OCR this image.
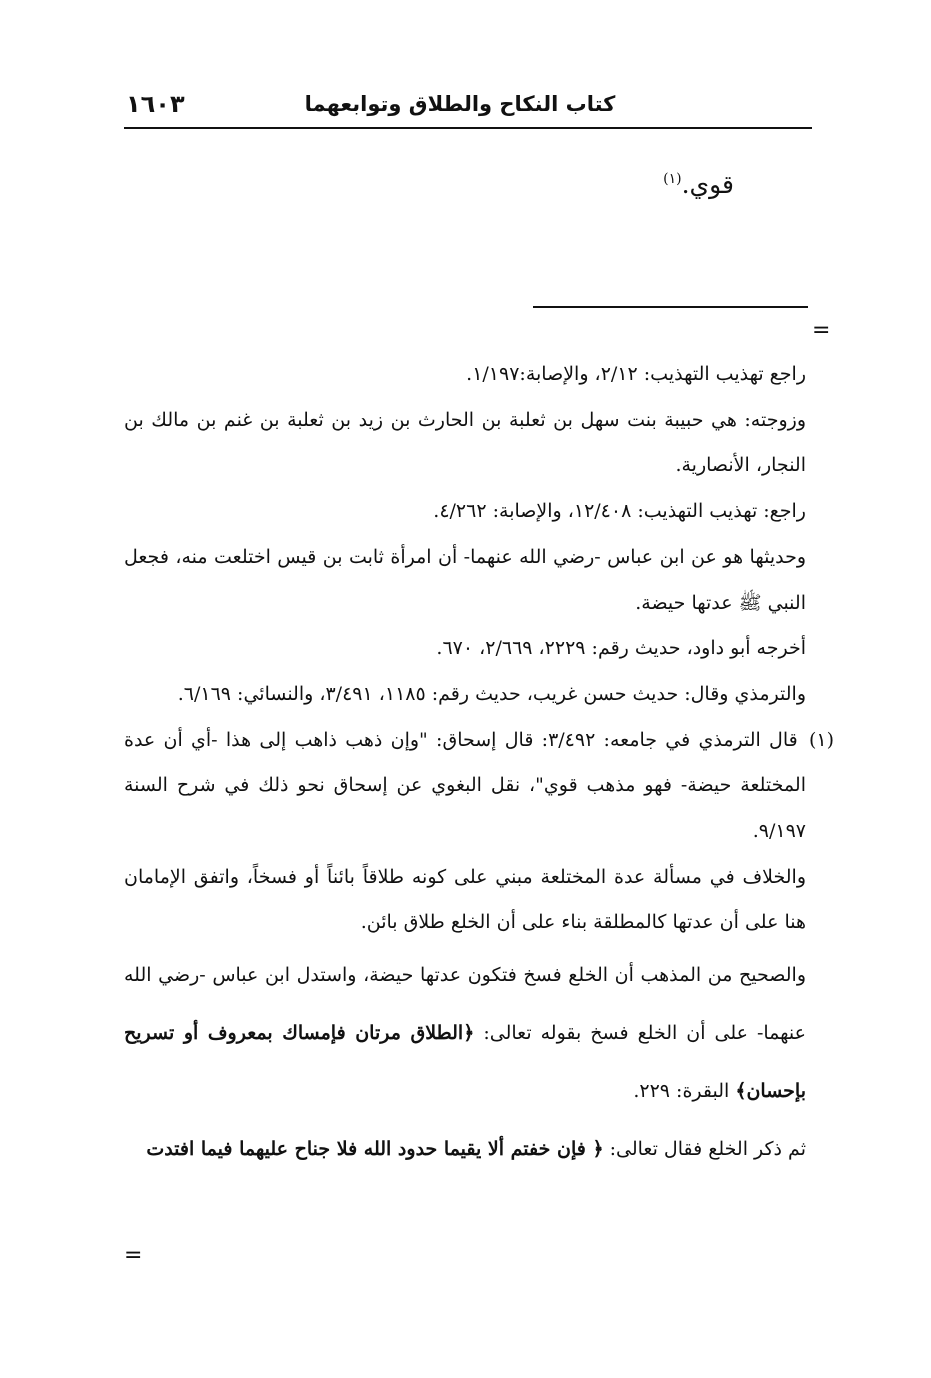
كتاب النكاح والطلاق وتوابعهما
١٦٠٣
قوي.$^{(١)}$
=

راجع تهذيب التهذيب: ٢/١٢، والإصابة:١/١٩٧.

وزوجته: هي حبيبة بنت سهل بن ثعلبة بن الحارث بن زيد بن ثعلبة بن غنم بن مالك بن النجار، الأنصارية.

راجع: تهذيب التهذيب: ١٢/٤٠٨، والإصابة: ٤/٢٦٢.

وحديثها هو عن ابن عباس -رضي الله عنهما- أن امرأة ثابت بن قيس اختلعت منه، فجعل النبي ﷺ عدتها حيضة.

أخرجه أبو داود، حديث رقم: ٢٢٢٩، ٢/٦٦٩، ٦٧٠.

والترمذي وقال: حديث حسن غريب، حديث رقم: ١١٨٥، ٣/٤٩١، والنسائي: ٦/١٦٩.

(١) قال الترمذي في جامعه: ٣/٤٩٢: قال إسحاق: "وإن ذهب ذاهب إلى هذا -أي أن عدة المختلعة حيضة- فهو مذهب قوي"، نقل البغوي عن إسحاق نحو ذلك في شرح السنة ٩/١٩٧.

والخلاف في مسألة عدة المختلعة مبني على كونه طلاقاً بائناً أو فسخاً، واتفق الإمامان هنا على أن عدتها كالمطلقة بناء على أن الخلع طلاق بائن.

والصحيح من المذهب أن الخلع فسخ فتكون عدتها حيضة، واستدل ابن عباس -رضي الله عنهما- على أن الخلع فسخ بقوله تعالى: ﴿الطلاق مرتان فإمساك بمعروف أو تسريح بإحسان﴾ البقرة: ٢٢٩.

ثم ذكر الخلع فقال تعالى: ﴿ فإن خفتم ألا يقيما حدود الله فلا جناح عليهما فيما افتدت

=
